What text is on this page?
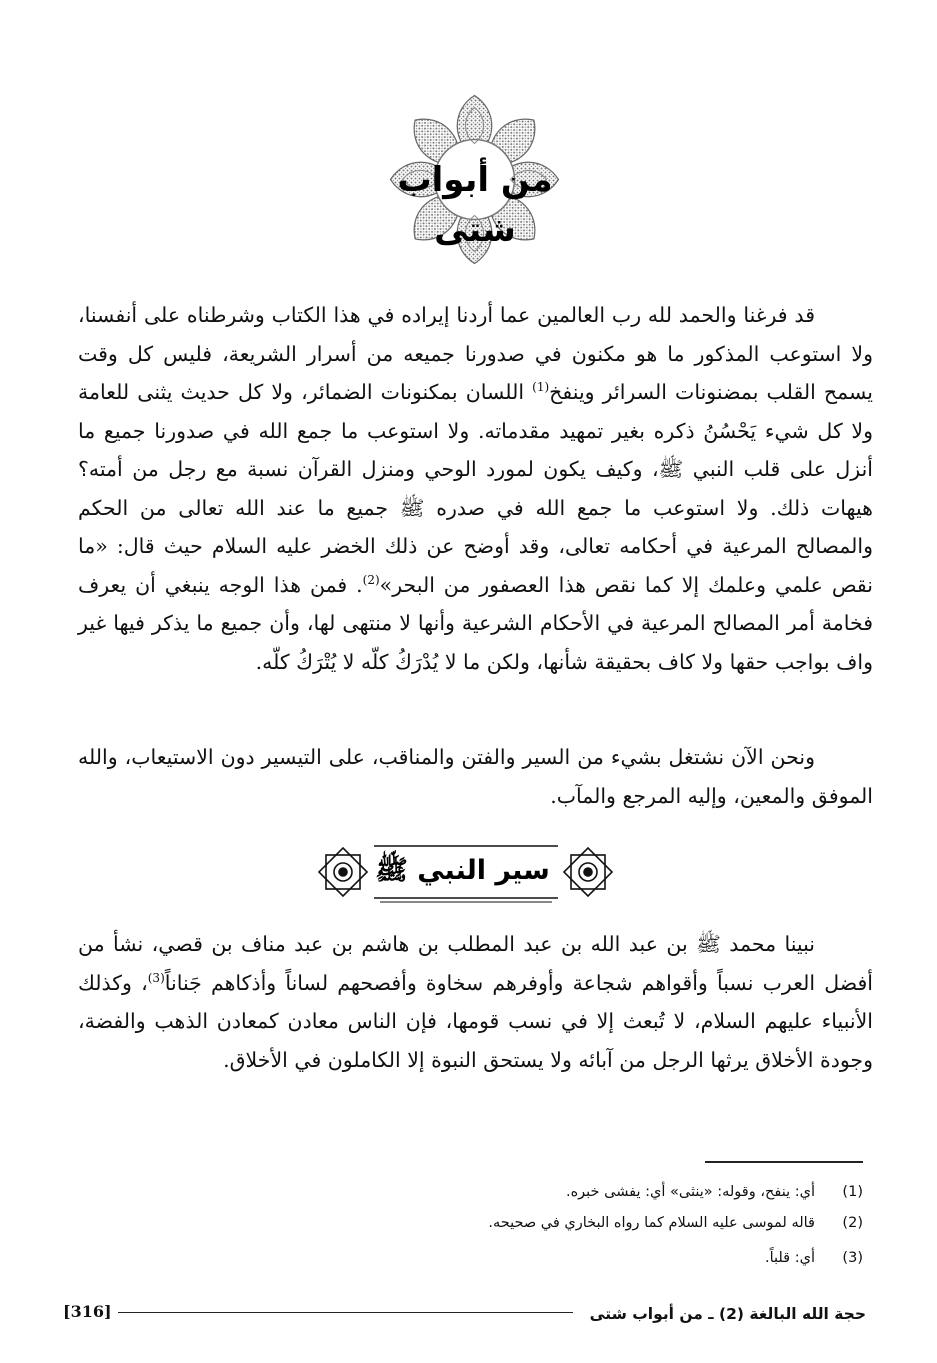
من أبواب شتى

قد فرغنا والحمد لله رب العالمين عما أردنا إيراده في هذا الكتاب وشرطناه على أنفسنا، ولا استوعب المذكور ما هو مكنون في صدورنا جميعه من أسرار الشريعة، فليس كل وقت يسمح القلب بمضنونات السرائر وينفخ$^{(1)}$ اللسان بمكنونات الضمائر، ولا كل حديث يثنى للعامة ولا كل شيء يَحْسُنُ ذكره بغير تمهيد مقدماته. ولا استوعب ما جمع الله في صدورنا جميع ما أنزل على قلب النبي ﷺ، وكيف يكون لمورد الوحي ومنزل القرآن نسبة مع رجل من أمته؟ هيهات ذلك. ولا استوعب ما جمع الله في صدره ﷺ جميع ما عند الله تعالى من الحكم والمصالح المرعية في أحكامه تعالى، وقد أوضح عن ذلك الخضر عليه السلام حيث قال: «ما نقص علمي وعلمك إلا كما نقص هذا العصفور من البحر»$^{(2)}$. فمن هذا الوجه ينبغي أن يعرف فخامة أمر المصالح المرعية في الأحكام الشرعية وأنها لا منتهى لها، وأن جميع ما يذكر فيها غير واف بواجب حقها ولا كاف بحقيقة شأنها، ولكن ما لا يُدْرَكُ كلّه لا يُتْرَكُ كلّه.

ونحن الآن نشتغل بشيء من السير والفتن والمناقب، على التيسير دون الاستيعاب، والله الموفق والمعين، وإليه المرجع والمآب.

سير النبي ﷺ

نبينا محمد ﷺ بن عبد الله بن عبد المطلب بن هاشم بن عبد مناف بن قصي، نشأ من أفضل العرب نسباً وأقواهم شجاعة وأوفرهم سخاوة وأفصحهم لساناً وأذكاهم جَناناً$^{(3)}$، وكذلك الأنبياء عليهم السلام، لا تُبعث إلا في نسب قومها، فإن الناس معادن كمعادن الذهب والفضة، وجودة الأخلاق يرثها الرجل من آبائه ولا يستحق النبوة إلا الكاملون في الأخلاق.

(1)أي: ينفح، وقوله: «ينثى» أي: يفشى خبره.
(2)قاله لموسى عليه السلام كما رواه البخاري في صحيحه.
(3)أي: قلباً.
حجة الله البالغة (2) ـ من أبواب شتى
[316]
